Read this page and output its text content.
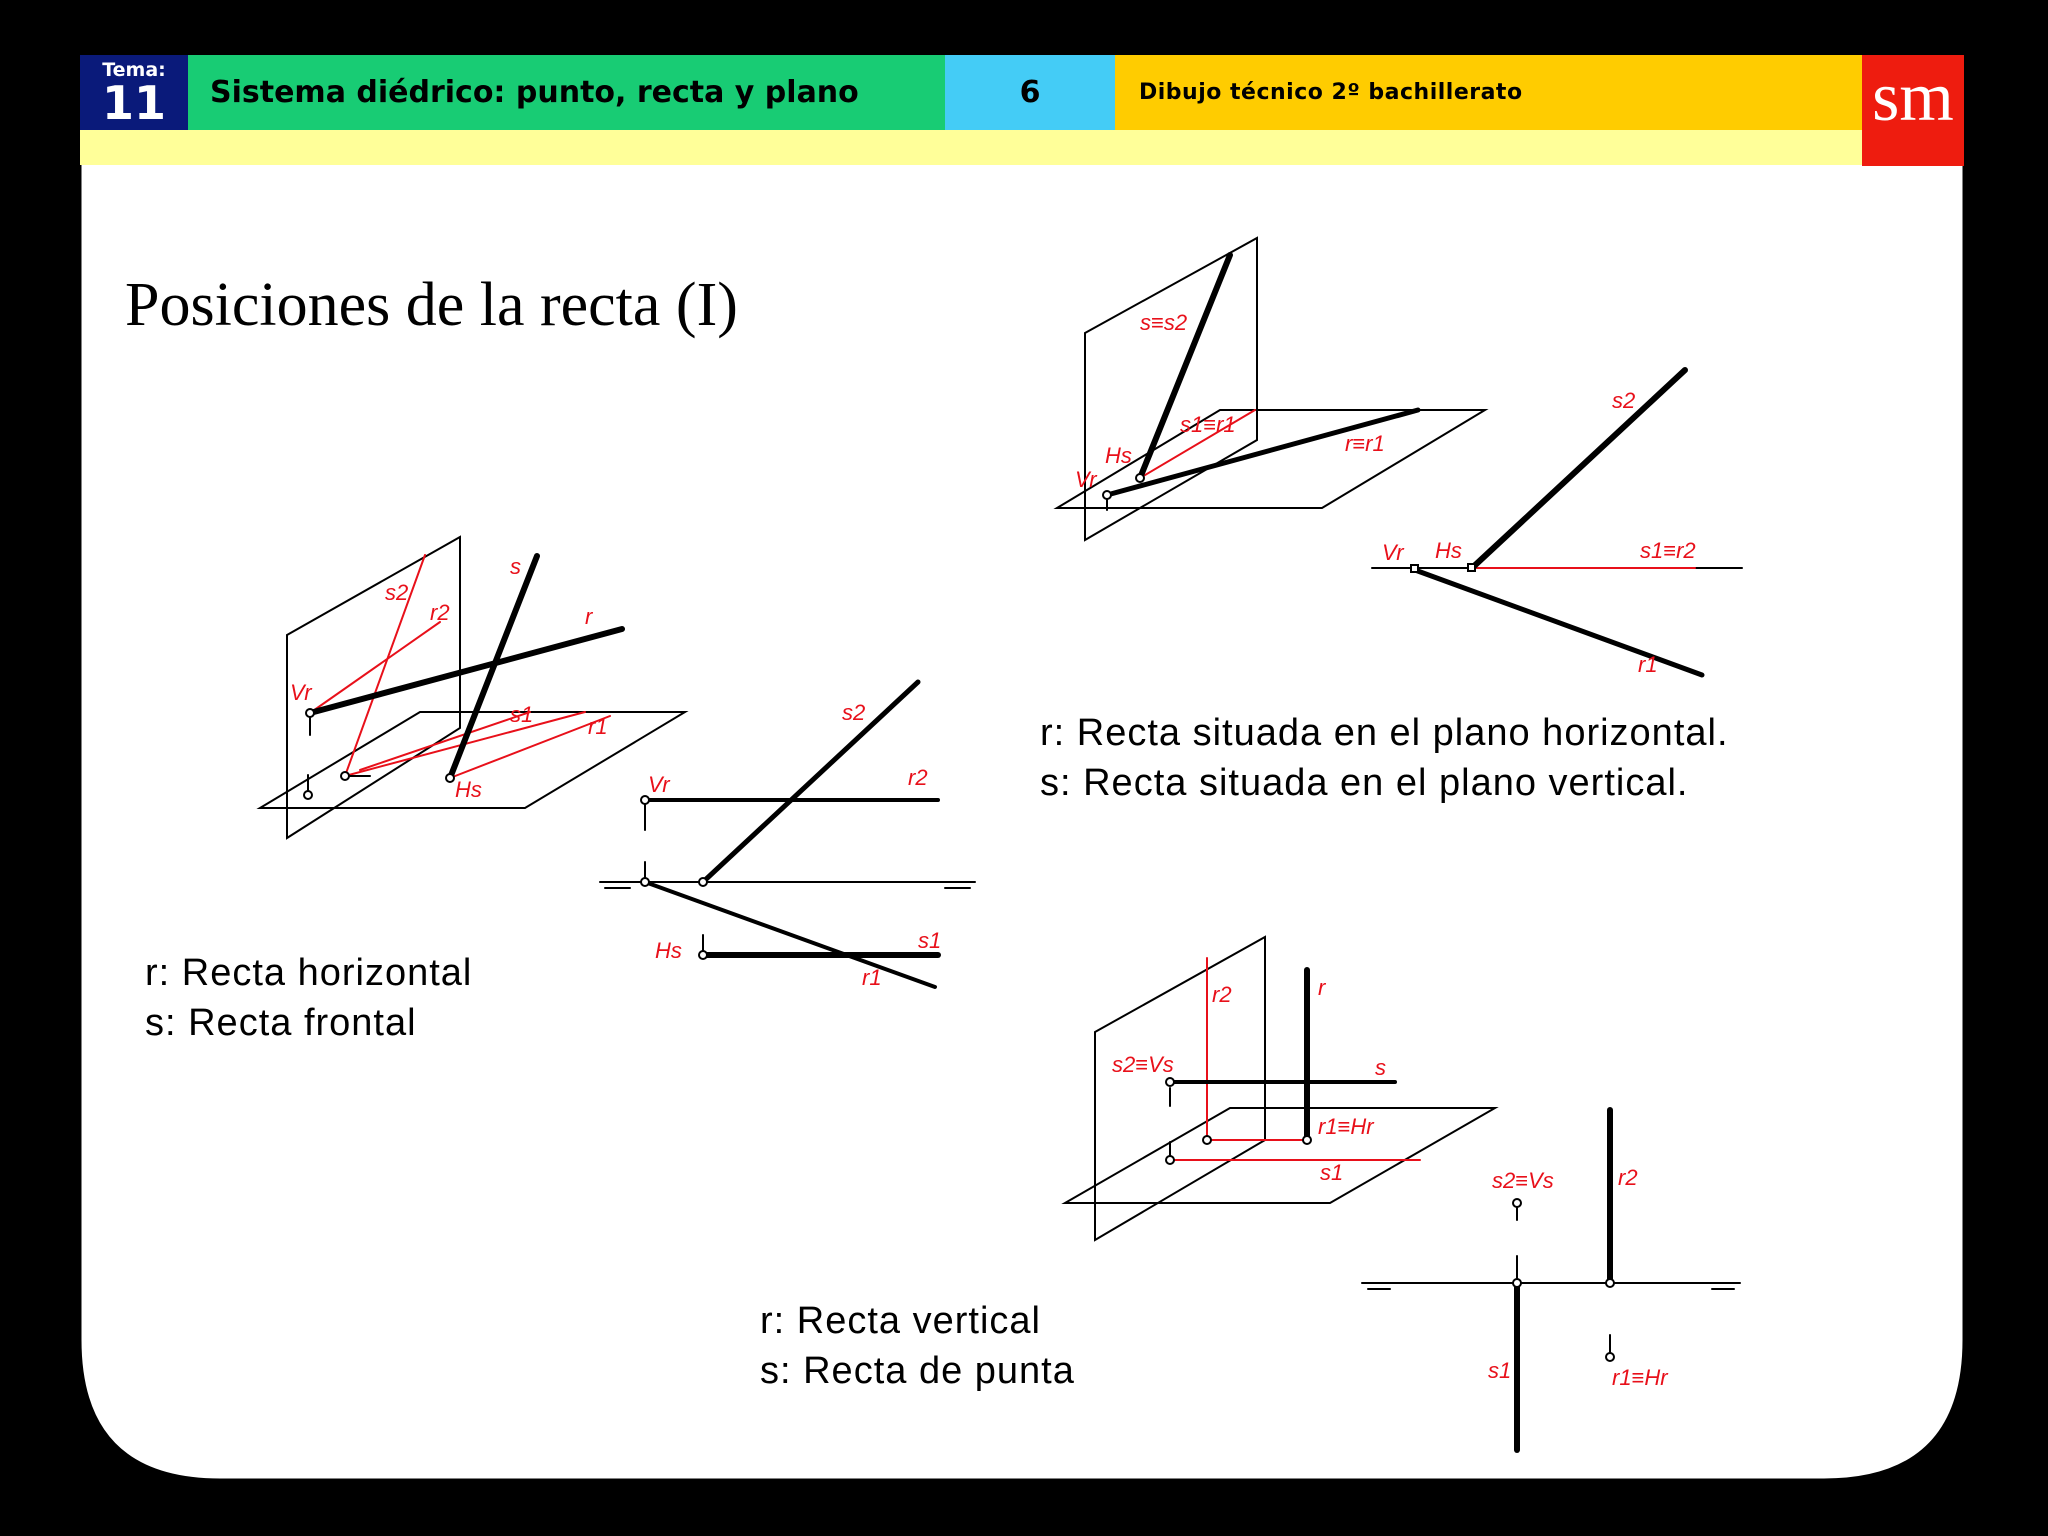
Tema:
11	Sistema diédrico: punto, recta y plano	6	Dibujo técnico 2º bachillerato	sm
Posiciones de la recta (I)
r: Recta horizontal
s: Recta frontal
r: Recta situada en el plano horizontal.
s: Recta situada en el plano vertical.
r: Recta vertical
s: Recta de punta
s
s2
r2	r
Vr
s1 r1
Hs
s2
r2
Vr
Hs	s1
r1
s≡s2
s1≡r1
Hs
Vr
r≡r1
s2
Vr Hs	s1≡r2
r1
r2	r
s2≡Vs	s
r1≡Hr
s1	s2≡Vs	r2
s1	r1≡Hr
